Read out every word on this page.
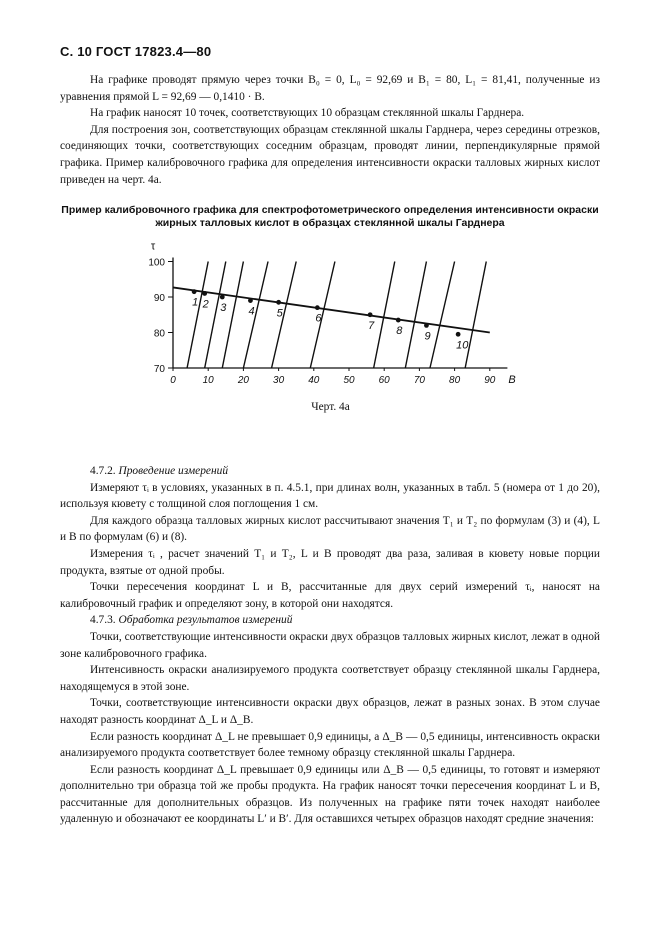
С. 10 ГОСТ 17823.4—80

На графике проводят прямую через точки B₀ = 0, L₀ = 92,69 и B₁ = 80, L₁ = 81,41, полученные из уравнения прямой L = 92,69 — 0,1410 · B.

На график наносят 10 точек, соответствующих 10 образцам стеклянной шкалы Гарднера.

Для построения зон, соответствующих образцам стеклянной шкалы Гарднера, через середины отрезков, соединяющих точки, соответствующих соседним образцам, проводят линии, перпендикулярные прямой графика. Пример калибровочного графика для определения интенсивности окраски талловых жирных кислот приведен на черт. 4а.

Пример калибровочного графика для спектрофотометрического определения интенсивности окраски жирных талловых кислот в образцах стеклянной шкалы Гарднера
70
80
90
100
0	10 20 30 40 50 60 70 80 90
τ
B
1 2 3 4 5	6
7 8 9
10
Черт. 4а

4.7.2. Проведение измерений

Измеряют τᵢ в условиях, указанных в п. 4.5.1, при длинах волн, указанных в табл. 5 (номера от 1 до 20), используя кювету с толщиной слоя поглощения 1 см.

Для каждого образца талловых жирных кислот рассчитывают значения T₁ и T₂ по формулам (3) и (4), L и B по формулам (6) и (8).

Измерения τᵢ , расчет значений T₁ и T₂, L и B проводят два раза, заливая в кювету новые порции продукта, взятые от одной пробы.

Точки пересечения координат L и B, рассчитанные для двух серий измерений τᵢ, наносят на калибровочный график и определяют зону, в которой они находятся.

4.7.3. Обработка результатов измерений

Точки, соответствующие интенсивности окраски двух образцов талловых жирных кислот, лежат в одной зоне калибровочного графика.

Интенсивность окраски анализируемого продукта соответствует образцу стеклянной шкалы Гарднера, находящемуся в этой зоне.

Точки, соответствующие интенсивности окраски двух образцов, лежат в разных зонах. В этом случае находят разность координат Δ_L и Δ_B.

Если разность координат Δ_L не превышает 0,9 единицы, а Δ_B — 0,5 единицы, интенсивность окраски анализируемого продукта соответствует более темному образцу стеклянной шкалы Гарднера.

Если разность координат Δ_L превышает 0,9 единицы или Δ_B — 0,5 единицы, то готовят и измеряют дополнительно три образца той же пробы продукта. На график наносят точки пересечения координат L и B, рассчитанные для дополнительных образцов. Из полученных на графике пяти точек находят наиболее удаленную и обозначают ее координаты L′ и B′. Для оставшихся четырех образцов находят средние значения:
